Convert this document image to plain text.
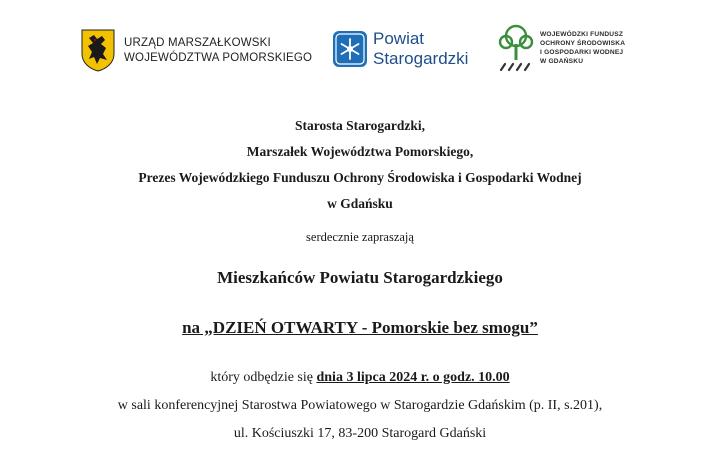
URZĄD MARSZAŁKOWSKI
WOJEWÓDZTWA POMORSKIEGO
Powiat
Starogardzki
WOJEWÓDZKI FUNDUSZ
OCHRONY ŚRODOWISKA
I GOSPODARKI WODNEJ
W GDAŃSKU
Starosta Starogardzki,
Marszałek Województwa Pomorskiego,
Prezes Wojewódzkiego Funduszu Ochrony Środowiska i Gospodarki Wodnej
w Gdańsku
serdecznie zapraszają
Mieszkańców Powiatu Starogardzkiego
na „DZIEŃ OTWARTY - Pomorskie bez smogu”
który odbędzie się dnia 3 lipca 2024 r. o godz. 10.00
w sali konferencyjnej Starostwa Powiatowego w Starogardzie Gdańskim (p. II, s.201),
ul. Kościuszki 17, 83-200 Starogard Gdański
